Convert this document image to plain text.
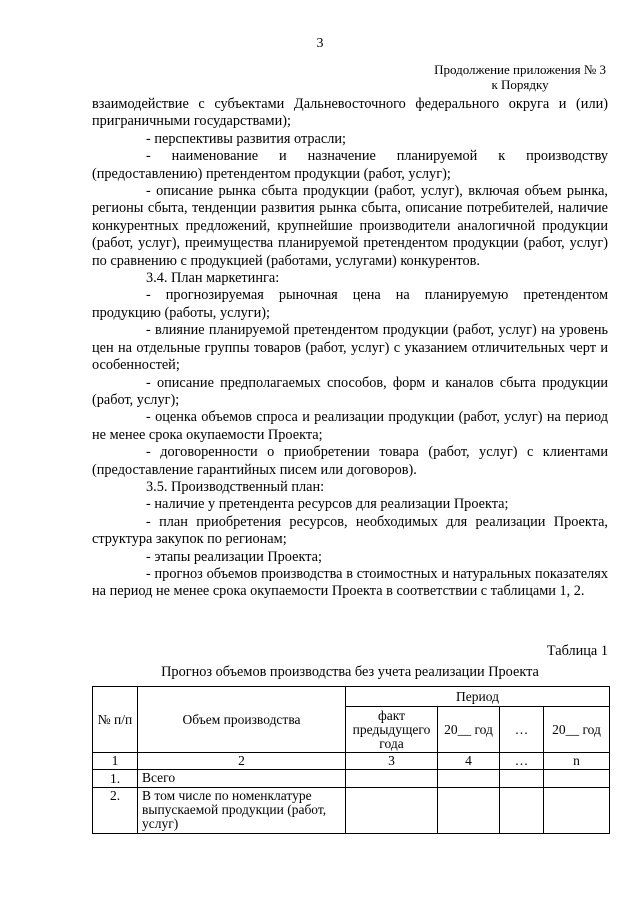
3
Продолжение приложения № 3
к Порядку

взаимодействие с субъектами Дальневосточного федерального округа и (или) приграничными государствами);

- перспективы развития отрасли;

- наименование и назначение планируемой к производству (предоставлению) претендентом продукции (работ, услуг);

- описание рынка сбыта продукции (работ, услуг), включая объем рынка, регионы сбыта, тенденции развития рынка сбыта, описание потребителей, наличие конкурентных предложений, крупнейшие производители аналогичной продукции (работ, услуг), преимущества планируемой претендентом продукции (работ, услуг) по сравнению с продукцией (работами, услугами) конкурентов.

3.4. План маркетинга:

- прогнозируемая рыночная цена на планируемую претендентом продукцию (работы, услуги);

- влияние планируемой претендентом продукции (работ, услуг) на уровень цен на отдельные группы товаров (работ, услуг) с указанием отличительных черт и особенностей;

- описание предполагаемых способов, форм и каналов сбыта продукции (работ, услуг);

- оценка объемов спроса и реализации продукции (работ, услуг) на период не менее срока окупаемости Проекта;

- договоренности о приобретении товара (работ, услуг) с клиентами (предоставление гарантийных писем или договоров).

3.5. Производственный план:

- наличие у претендента ресурсов для реализации Проекта;

- план приобретения ресурсов, необходимых для реализации Проекта, структура закупок по регионам;

- этапы реализации Проекта;

- прогноз объемов производства в стоимостных и натуральных показателях на период не менее срока окупаемости Проекта в соответствии с таблицами 1, 2.

Таблица 1
Прогноз объемов производства без учета реализации Проекта
№ п/п	Объем производства	Период			
		факт предыдущего года	20__ год	…	20__ год
1	2	3	4	…	n
1.	Всего				
2.	В том числе по номенклатуре выпускаемой продукции (работ, услуг)				
